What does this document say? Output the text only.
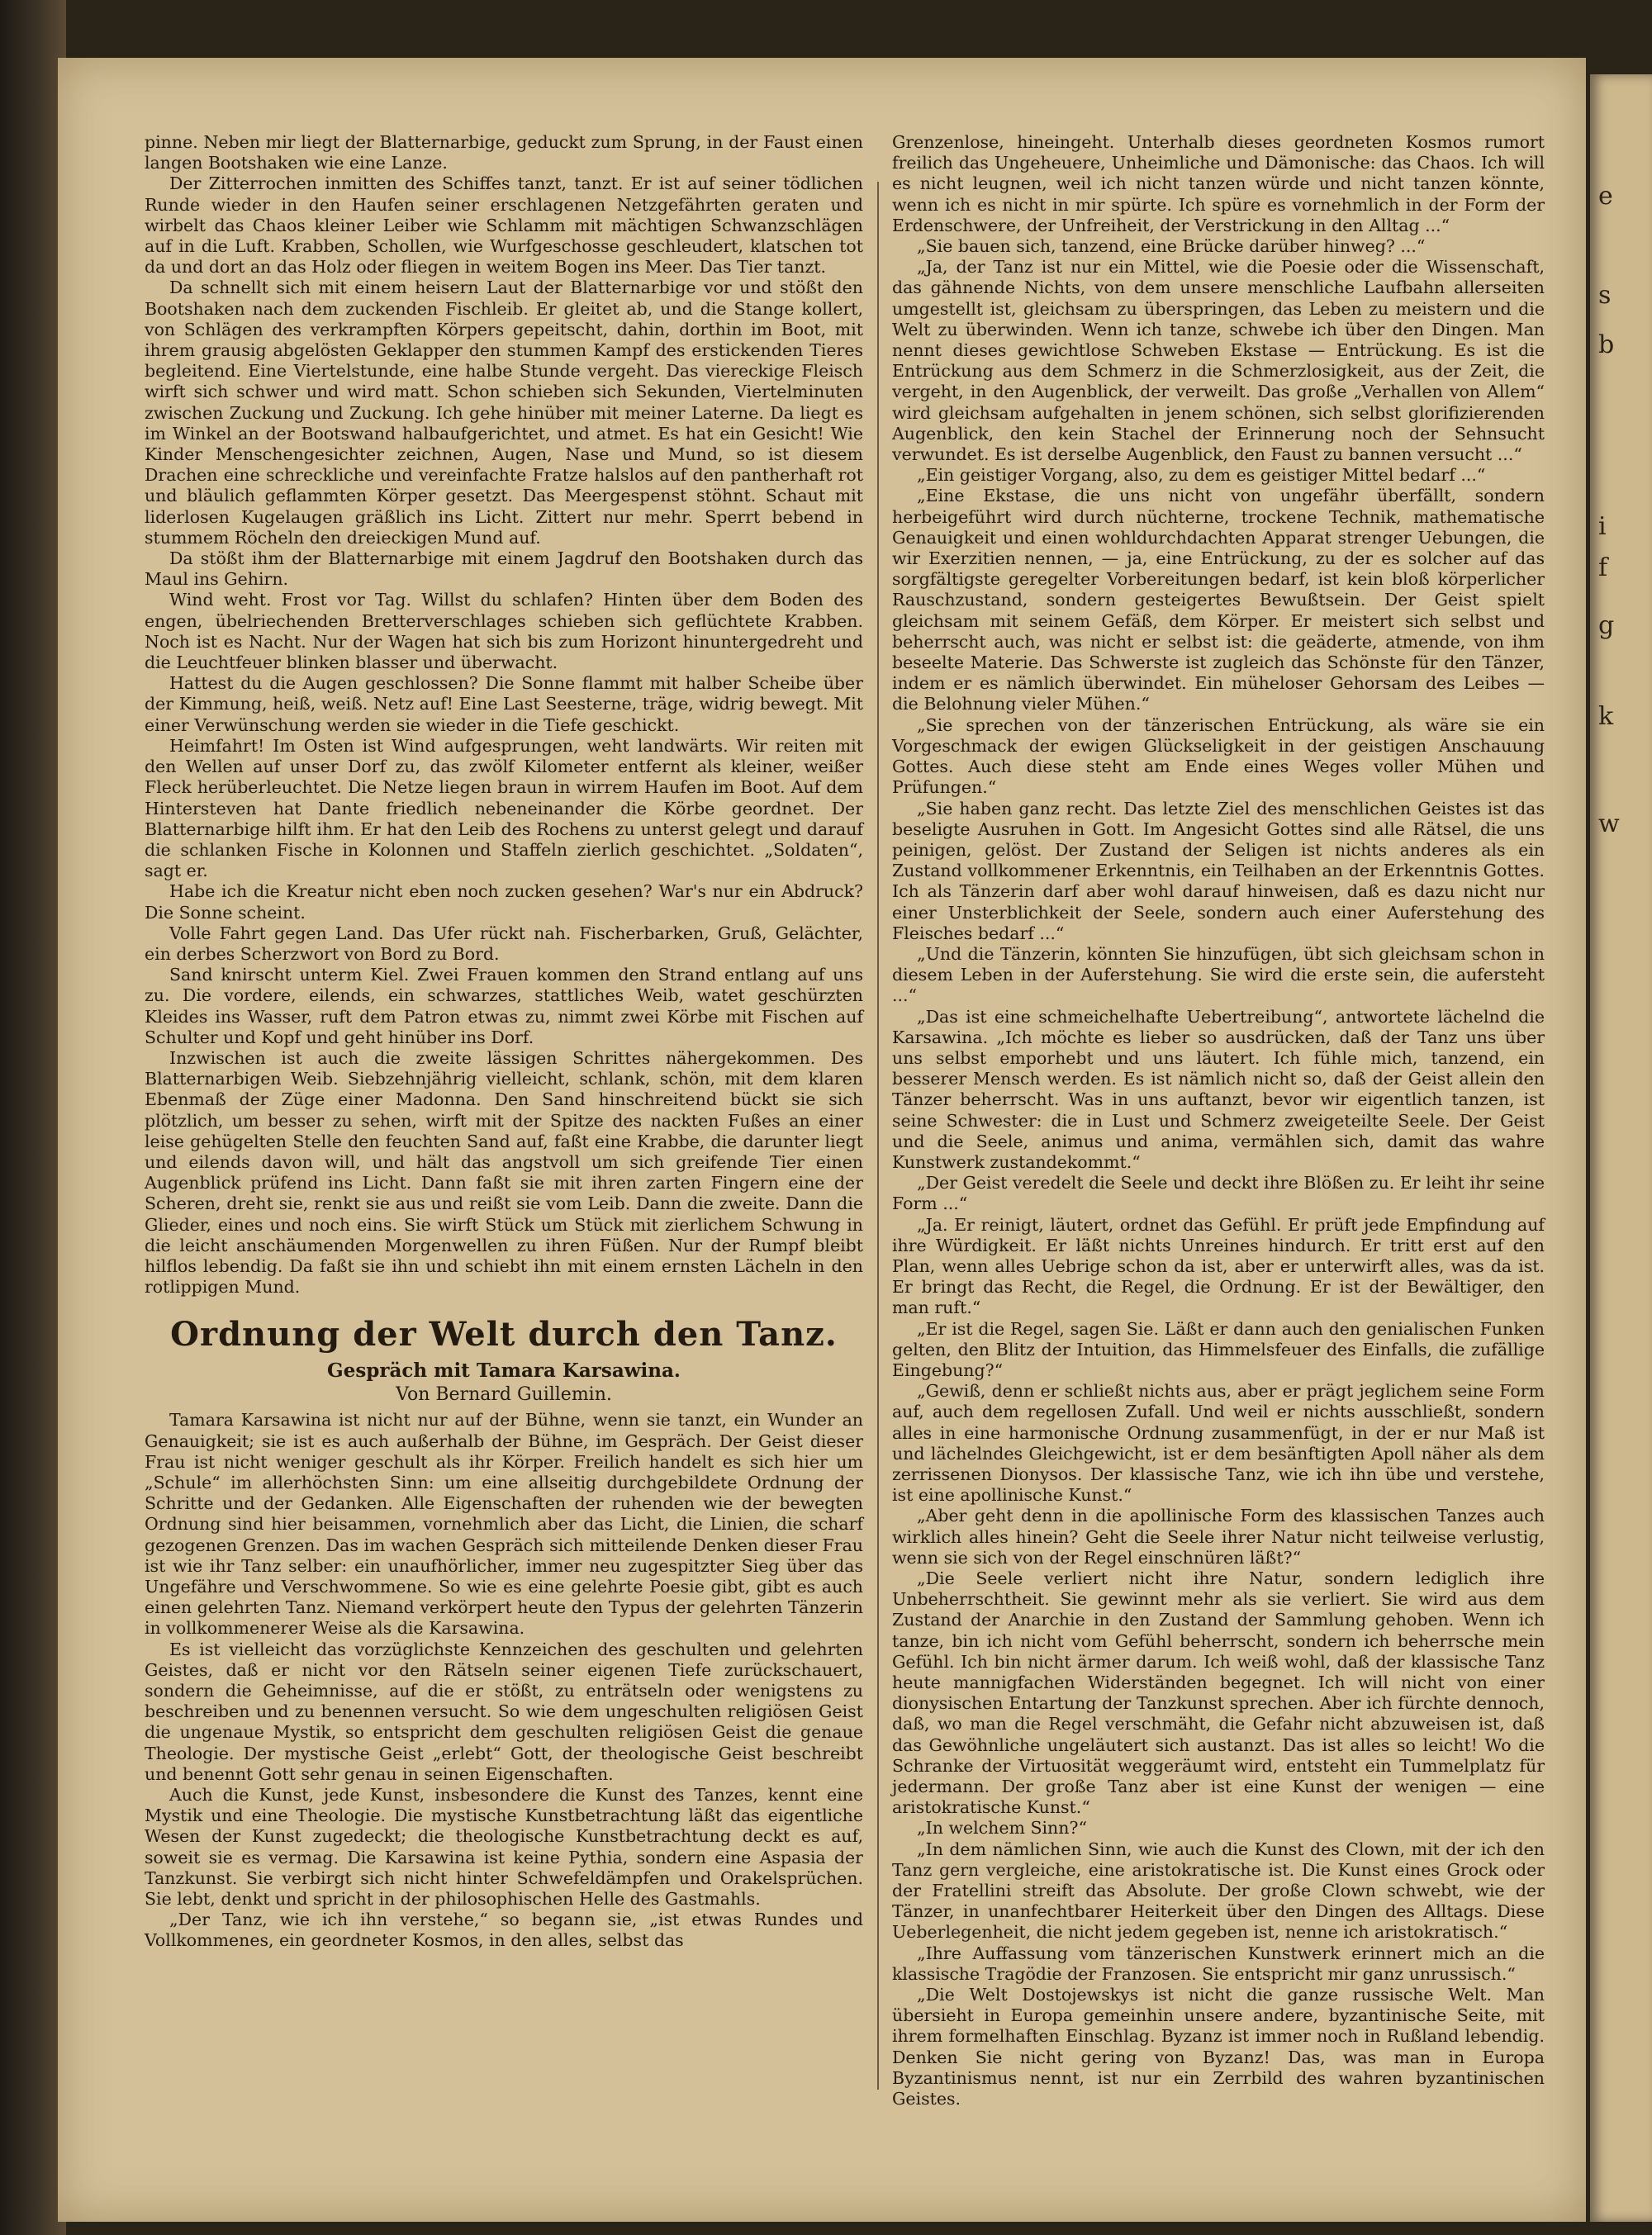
e
s
b
i
f
g
k
w

pinne. Neben mir liegt der Blatternarbige, geduckt zum Sprung, in der Faust einen langen Bootshaken wie eine Lanze.

Der Zitterrochen inmitten des Schiffes tanzt, tanzt. Er ist auf seiner tödlichen Runde wieder in den Haufen seiner erschlagenen Netzgefährten geraten und wirbelt das Chaos kleiner Leiber wie Schlamm mit mächtigen Schwanzschlägen auf in die Luft. Krabben, Schollen, wie Wurfgeschosse geschleudert, klatschen tot da und dort an das Holz oder fliegen in weitem Bogen ins Meer. Das Tier tanzt.

Da schnellt sich mit einem heisern Laut der Blatternarbige vor und stößt den Bootshaken nach dem zuckenden Fischleib. Er gleitet ab, und die Stange kollert, von Schlägen des verkrampften Körpers gepeitscht, dahin, dorthin im Boot, mit ihrem grausig abgelösten Geklapper den stummen Kampf des erstickenden Tieres begleitend. Eine Viertelstunde, eine halbe Stunde vergeht. Das viereckige Fleisch wirft sich schwer und wird matt. Schon schieben sich Sekunden, Viertelminuten zwischen Zuckung und Zuckung. Ich gehe hinüber mit meiner Laterne. Da liegt es im Winkel an der Bootswand halbaufgerichtet, und atmet. Es hat ein Gesicht! Wie Kinder Menschengesichter zeichnen, Augen, Nase und Mund, so ist diesem Drachen eine schreckliche und vereinfachte Fratze halslos auf den pantherhaft rot und bläulich geflammten Körper gesetzt. Das Meergespenst stöhnt. Schaut mit liderlosen Kugelaugen gräßlich ins Licht. Zittert nur mehr. Sperrt bebend in stummem Röcheln den dreieckigen Mund auf.

Da stößt ihm der Blatternarbige mit einem Jagdruf den Bootshaken durch das Maul ins Gehirn.

Wind weht. Frost vor Tag. Willst du schlafen? Hinten über dem Boden des engen, übelriechenden Bretterverschlages schieben sich geflüchtete Krabben. Noch ist es Nacht. Nur der Wagen hat sich bis zum Horizont hinuntergedreht und die Leuchtfeuer blinken blasser und überwacht.

Hattest du die Augen geschlossen? Die Sonne flammt mit halber Scheibe über der Kimmung, heiß, weiß. Netz auf! Eine Last Seesterne, träge, widrig bewegt. Mit einer Verwünschung werden sie wieder in die Tiefe geschickt.

Heimfahrt! Im Osten ist Wind aufgesprungen, weht landwärts. Wir reiten mit den Wellen auf unser Dorf zu, das zwölf Kilometer entfernt als kleiner, weißer Fleck herüberleuchtet. Die Netze liegen braun in wirrem Haufen im Boot. Auf dem Hintersteven hat Dante friedlich nebeneinander die Körbe geordnet. Der Blatternarbige hilft ihm. Er hat den Leib des Rochens zu unterst gelegt und darauf die schlanken Fische in Kolonnen und Staffeln zierlich geschichtet. „Soldaten“, sagt er.

Habe ich die Kreatur nicht eben noch zucken gesehen? War's nur ein Abdruck? Die Sonne scheint.

Volle Fahrt gegen Land. Das Ufer rückt nah. Fischerbarken, Gruß, Gelächter, ein derbes Scherzwort von Bord zu Bord.

Sand knirscht unterm Kiel. Zwei Frauen kommen den Strand entlang auf uns zu. Die vordere, eilends, ein schwarzes, stattliches Weib, watet geschürzten Kleides ins Wasser, ruft dem Patron etwas zu, nimmt zwei Körbe mit Fischen auf Schulter und Kopf und geht hinüber ins Dorf.

Inzwischen ist auch die zweite lässigen Schrittes nähergekommen. Des Blatternarbigen Weib. Siebzehnjährig vielleicht, schlank, schön, mit dem klaren Ebenmaß der Züge einer Madonna. Den Sand hinschreitend bückt sie sich plötzlich, um besser zu sehen, wirft mit der Spitze des nackten Fußes an einer leise gehügelten Stelle den feuchten Sand auf, faßt eine Krabbe, die darunter liegt und eilends davon will, und hält das angstvoll um sich greifende Tier einen Augenblick prüfend ins Licht. Dann faßt sie mit ihren zarten Fingern eine der Scheren, dreht sie, renkt sie aus und reißt sie vom Leib. Dann die zweite. Dann die Glieder, eines und noch eins. Sie wirft Stück um Stück mit zierlichem Schwung in die leicht anschäumenden Morgenwellen zu ihren Füßen. Nur der Rumpf bleibt hilflos lebendig. Da faßt sie ihn und schiebt ihn mit einem ernsten Lächeln in den rotlippigen Mund.

Ordnung der Welt durch den Tanz.

Gespräch mit Tamara Karsawina.

Von Bernard Guillemin.

Tamara Karsawina ist nicht nur auf der Bühne, wenn sie tanzt, ein Wunder an Genauigkeit; sie ist es auch außerhalb der Bühne, im Gespräch. Der Geist dieser Frau ist nicht weniger geschult als ihr Körper. Freilich handelt es sich hier um „Schule“ im allerhöchsten Sinn: um eine allseitig durchgebildete Ordnung der Schritte und der Gedanken. Alle Eigenschaften der ruhenden wie der bewegten Ordnung sind hier beisammen, vornehmlich aber das Licht, die Linien, die scharf gezogenen Grenzen. Das im wachen Gespräch sich mitteilende Denken dieser Frau ist wie ihr Tanz selber: ein unaufhörlicher, immer neu zugespitzter Sieg über das Ungefähre und Verschwommene. So wie es eine gelehrte Poesie gibt, gibt es auch einen gelehrten Tanz. Niemand verkörpert heute den Typus der gelehrten Tänzerin in vollkommenerer Weise als die Karsawina.

Es ist vielleicht das vorzüglichste Kennzeichen des geschulten und gelehrten Geistes, daß er nicht vor den Rätseln seiner eigenen Tiefe zurückschauert, sondern die Geheimnisse, auf die er stößt, zu enträtseln oder wenigstens zu beschreiben und zu benennen versucht. So wie dem ungeschulten religiösen Geist die ungenaue Mystik, so entspricht dem geschulten religiösen Geist die genaue Theologie. Der mystische Geist „erlebt“ Gott, der theologische Geist beschreibt und benennt Gott sehr genau in seinen Eigenschaften.

Auch die Kunst, jede Kunst, insbesondere die Kunst des Tanzes, kennt eine Mystik und eine Theologie. Die mystische Kunstbetrachtung läßt das eigentliche Wesen der Kunst zugedeckt; die theologische Kunstbetrachtung deckt es auf, soweit sie es vermag. Die Karsawina ist keine Pythia, sondern eine Aspasia der Tanzkunst. Sie verbirgt sich nicht hinter Schwefeldämpfen und Orakelsprüchen. Sie lebt, denkt und spricht in der philosophischen Helle des Gastmahls.

„Der Tanz, wie ich ihn verstehe,“ so begann sie, „ist etwas Rundes und Vollkommenes, ein geordneter Kosmos, in den alles, selbst das

Grenzenlose, hineingeht. Unterhalb dieses geordneten Kosmos rumort freilich das Ungeheuere, Unheimliche und Dämonische: das Chaos. Ich will es nicht leugnen, weil ich nicht tanzen würde und nicht tanzen könnte, wenn ich es nicht in mir spürte. Ich spüre es vornehmlich in der Form der Erdenschwere, der Unfreiheit, der Verstrickung in den Alltag ...“

„Sie bauen sich, tanzend, eine Brücke darüber hinweg? ...“

„Ja, der Tanz ist nur ein Mittel, wie die Poesie oder die Wissenschaft, das gähnende Nichts, von dem unsere menschliche Laufbahn allerseiten umgestellt ist, gleichsam zu überspringen, das Leben zu meistern und die Welt zu überwinden. Wenn ich tanze, schwebe ich über den Dingen. Man nennt dieses gewichtlose Schweben Ekstase — Entrückung. Es ist die Entrückung aus dem Schmerz in die Schmerzlosigkeit, aus der Zeit, die vergeht, in den Augenblick, der verweilt. Das große „Verhallen von Allem“ wird gleichsam aufgehalten in jenem schönen, sich selbst glorifizierenden Augenblick, den kein Stachel der Erinnerung noch der Sehnsucht verwundet. Es ist derselbe Augenblick, den Faust zu bannen versucht ...“

„Ein geistiger Vorgang, also, zu dem es geistiger Mittel bedarf ...“

„Eine Ekstase, die uns nicht von ungefähr überfällt, sondern herbeigeführt wird durch nüchterne, trockene Technik, mathematische Genauigkeit und einen wohldurchdachten Apparat strenger Uebungen, die wir Exerzitien nennen, — ja, eine Entrückung, zu der es solcher auf das sorgfältigste geregelter Vorbereitungen bedarf, ist kein bloß körperlicher Rauschzustand, sondern gesteigertes Bewußtsein. Der Geist spielt gleichsam mit seinem Gefäß, dem Körper. Er meistert sich selbst und beherrscht auch, was nicht er selbst ist: die geäderte, atmende, von ihm beseelte Materie. Das Schwerste ist zugleich das Schönste für den Tänzer, indem er es nämlich überwindet. Ein müheloser Gehorsam des Leibes — die Belohnung vieler Mühen.“

„Sie sprechen von der tänzerischen Entrückung, als wäre sie ein Vorgeschmack der ewigen Glückseligkeit in der geistigen Anschauung Gottes. Auch diese steht am Ende eines Weges voller Mühen und Prüfungen.“

„Sie haben ganz recht. Das letzte Ziel des menschlichen Geistes ist das beseligte Ausruhen in Gott. Im Angesicht Gottes sind alle Rätsel, die uns peinigen, gelöst. Der Zustand der Seligen ist nichts anderes als ein Zustand vollkommener Erkenntnis, ein Teilhaben an der Erkenntnis Gottes. Ich als Tänzerin darf aber wohl darauf hinweisen, daß es dazu nicht nur einer Unsterblichkeit der Seele, sondern auch einer Auferstehung des Fleisches bedarf ...“

„Und die Tänzerin, könnten Sie hinzufügen, übt sich gleichsam schon in diesem Leben in der Auferstehung. Sie wird die erste sein, die aufersteht ...“

„Das ist eine schmeichelhafte Uebertreibung“, antwortete lächelnd die Karsawina. „Ich möchte es lieber so ausdrücken, daß der Tanz uns über uns selbst emporhebt und uns läutert. Ich fühle mich, tanzend, ein besserer Mensch werden. Es ist nämlich nicht so, daß der Geist allein den Tänzer beherrscht. Was in uns auftanzt, bevor wir eigentlich tanzen, ist seine Schwester: die in Lust und Schmerz zweigeteilte Seele. Der Geist und die Seele, animus und anima, vermählen sich, damit das wahre Kunstwerk zustandekommt.“

„Der Geist veredelt die Seele und deckt ihre Blößen zu. Er leiht ihr seine Form ...“

„Ja. Er reinigt, läutert, ordnet das Gefühl. Er prüft jede Empfindung auf ihre Würdigkeit. Er läßt nichts Unreines hindurch. Er tritt erst auf den Plan, wenn alles Uebrige schon da ist, aber er unterwirft alles, was da ist. Er bringt das Recht, die Regel, die Ordnung. Er ist der Bewältiger, den man ruft.“

„Er ist die Regel, sagen Sie. Läßt er dann auch den genialischen Funken gelten, den Blitz der Intuition, das Himmelsfeuer des Einfalls, die zufällige Eingebung?“

„Gewiß, denn er schließt nichts aus, aber er prägt jeglichem seine Form auf, auch dem regellosen Zufall. Und weil er nichts ausschließt, sondern alles in eine harmonische Ordnung zusammenfügt, in der er nur Maß ist und lächelndes Gleichgewicht, ist er dem besänftigten Apoll näher als dem zerrissenen Dionysos. Der klassische Tanz, wie ich ihn übe und verstehe, ist eine apollinische Kunst.“

„Aber geht denn in die apollinische Form des klassischen Tanzes auch wirklich alles hinein? Geht die Seele ihrer Natur nicht teilweise verlustig, wenn sie sich von der Regel einschnüren läßt?“

„Die Seele verliert nicht ihre Natur, sondern lediglich ihre Unbeherrschtheit. Sie gewinnt mehr als sie verliert. Sie wird aus dem Zustand der Anarchie in den Zustand der Sammlung gehoben. Wenn ich tanze, bin ich nicht vom Gefühl beherrscht, sondern ich beherrsche mein Gefühl. Ich bin nicht ärmer darum. Ich weiß wohl, daß der klassische Tanz heute mannigfachen Widerständen begegnet. Ich will nicht von einer dionysischen Entartung der Tanzkunst sprechen. Aber ich fürchte dennoch, daß, wo man die Regel verschmäht, die Gefahr nicht abzuweisen ist, daß das Gewöhnliche ungeläutert sich austanzt. Das ist alles so leicht! Wo die Schranke der Virtuosität weggeräumt wird, entsteht ein Tummelplatz für jedermann. Der große Tanz aber ist eine Kunst der wenigen — eine aristokratische Kunst.“

„In welchem Sinn?“

„In dem nämlichen Sinn, wie auch die Kunst des Clown, mit der ich den Tanz gern vergleiche, eine aristokratische ist. Die Kunst eines Grock oder der Fratellini streift das Absolute. Der große Clown schwebt, wie der Tänzer, in unanfechtbarer Heiterkeit über den Dingen des Alltags. Diese Ueberlegenheit, die nicht jedem gegeben ist, nenne ich aristokratisch.“

„Ihre Auffassung vom tänzerischen Kunstwerk erinnert mich an die klassische Tragödie der Franzosen. Sie entspricht mir ganz unrussisch.“

„Die Welt Dostojewskys ist nicht die ganze russische Welt. Man übersieht in Europa gemeinhin unsere andere, byzantinische Seite, mit ihrem formelhaften Einschlag. Byzanz ist immer noch in Rußland lebendig. Denken Sie nicht gering von Byzanz! Das, was man in Europa Byzantinismus nennt, ist nur ein Zerrbild des wahren byzantinischen Geistes.
